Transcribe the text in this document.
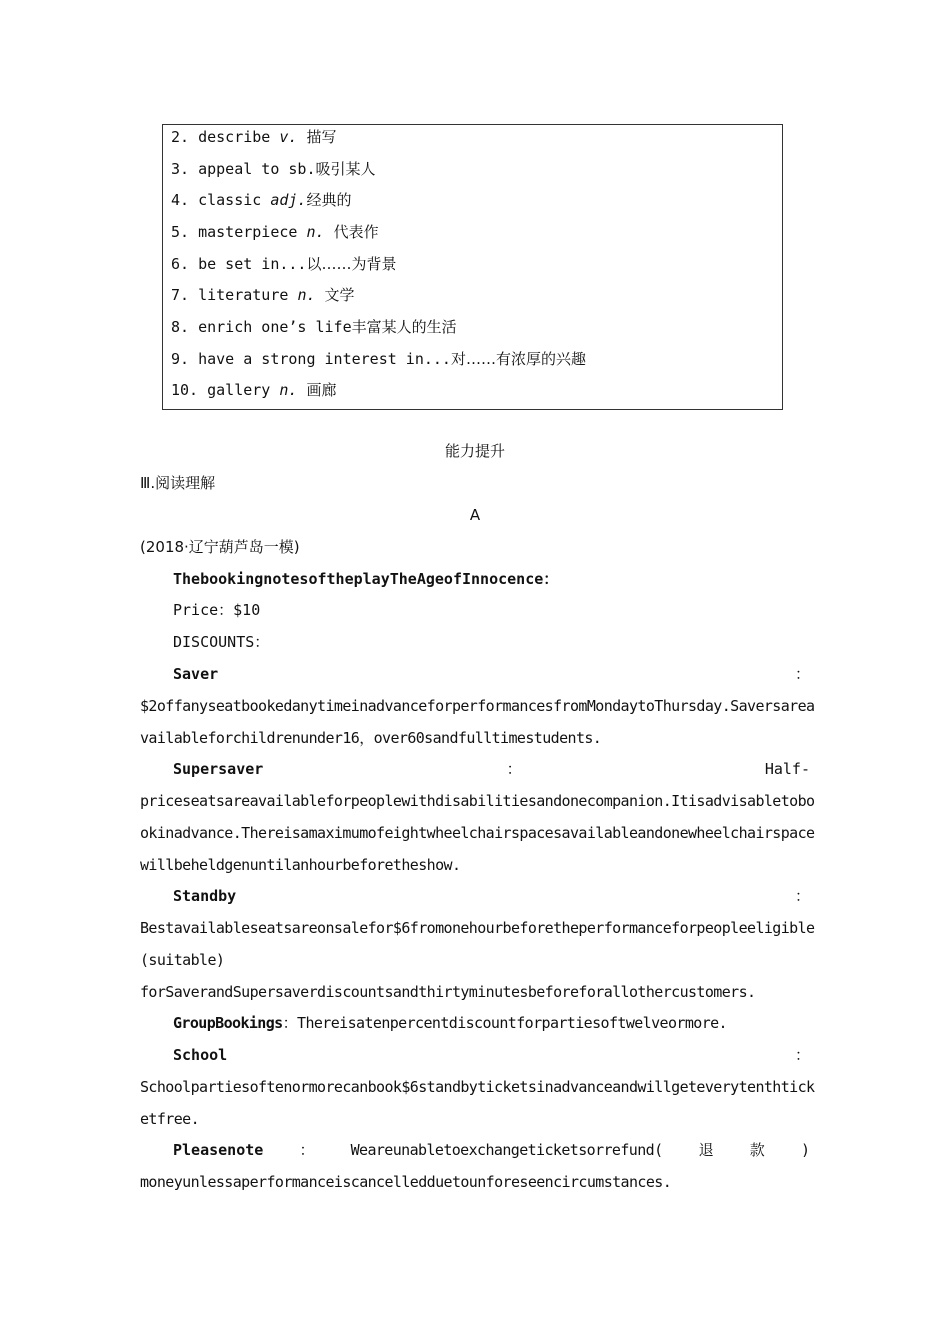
2. describe v. 描写
3. appeal to sb.吸引某人
4. classic adj.经典的
5. masterpiece n. 代表作
6. be set in...以……为背景
7. literature n. 文学
8. enrich one’s life丰富某人的生活
9. have a strong interest in...对……有浓厚的兴趣
10. gallery n. 画廊
能力提升
Ⅲ.阅读理解
A
(2018·辽宁葫芦岛一模)
ThebookingnotesoftheplayTheAgeofInnocence：
Price：$10
DISCOUNTS：
Saver	：
$2offanyseatbookedanytimeinadvanceforperformancesfromMondaytoThursday.Saversarea
vailableforchildrenunder16，over60sandfulltimestudents.
Supersaver	：	Half-
priceseatsareavailableforpeoplewithdisabilitiesandonecompanion.Itisadvisabletobo
okinadvance.Thereisamaximumofeightwheelchairspacesavailableandonewheelchairspace
willbeheldgenuntilanhourbeforetheshow.
Standby	：
Bestavailableseatsareonsalefor$6fromonehourbeforetheperformanceforpeopleeligible
(suitable)
forSaverandSupersaverdiscountsandthirtyminutesbeforeforallothercustomers.
GroupBookings：Thereisatenpercentdiscountforpartiesoftwelveormore.
School	：
Schoolpartiesoftenormorecanbook$6standbyticketsinadvanceandwillgeteverytenthtick
etfree.
Pleasenote ： Weareunabletoexchangeticketsorrefund( 退 款 )
moneyunlessaperformanceiscancelledduetounforeseencircumstances.
